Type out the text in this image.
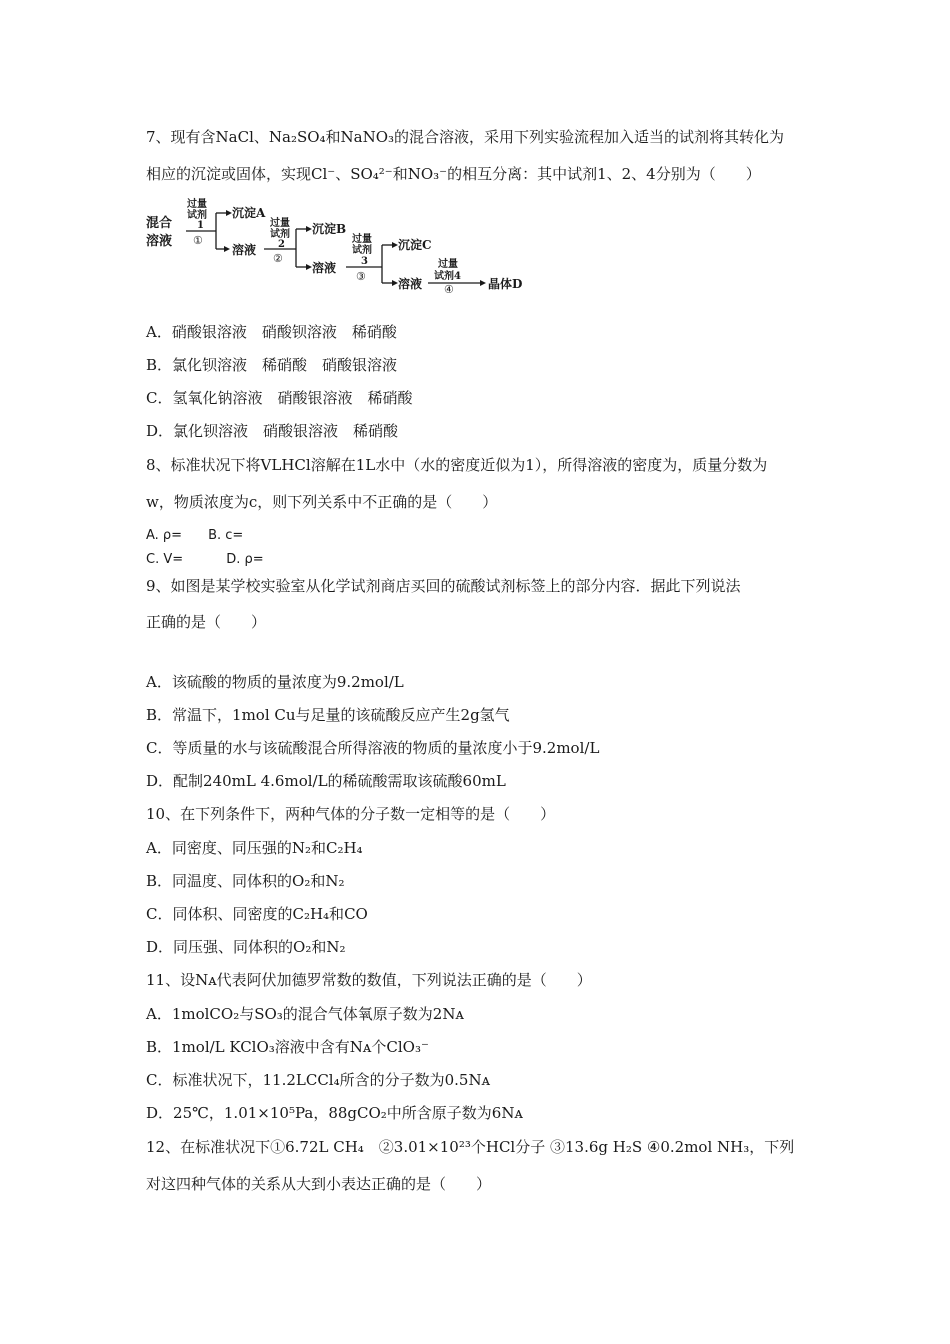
7、现有含NaCl、Na₂SO₄和NaNO₃的混合溶液，采用下列实验流程加入适当的试剂将其转化为
相应的沉淀或固体，实现Cl⁻、SO₄²⁻和NO₃⁻的相互分离：其中试剂1、2、4分别为（　　）
混合
溶液
过量
试剂
1
①
沉淀A
溶液
过量
试剂
2
②
沉淀B
溶液
过量
试剂
3
③
沉淀C
溶液
过量
试剂4
④	晶体D
A．硝酸银溶液　硝酸钡溶液　稀硝酸
B．氯化钡溶液　稀硝酸　硝酸银溶液
C．氢氧化钠溶液　硝酸银溶液　稀硝酸
D．氯化钡溶液　硝酸银溶液　稀硝酸
8、标准状况下将VLHCl溶解在1L水中（水的密度近似为1），所得溶液的密度为，质量分数为
w，物质浓度为c，则下列关系中不正确的是（　　）
A. ρ=　　B. c=
C. V=　　　 D. ρ=
9、如图是某学校实验室从化学试剂商店买回的硫酸试剂标签上的部分内容．据此下列说法
正确的是（　　）
A．该硫酸的物质的量浓度为9.2mol/L
B．常温下，1mol Cu与足量的该硫酸反应产生2g氢气
C．等质量的水与该硫酸混合所得溶液的物质的量浓度小于9.2mol/L
D．配制240mL 4.6mol/L的稀硫酸需取该硫酸60mL
10、在下列条件下，两种气体的分子数一定相等的是（　　）
A．同密度、同压强的N₂和C₂H₄
B．同温度、同体积的O₂和N₂
C．同体积、同密度的C₂H₄和CO
D．同压强、同体积的O₂和N₂
11、设Nᴀ代表阿伏加德罗常数的数值，下列说法正确的是（　　）
A．1molCO₂与SO₃的混合气体氧原子数为2Nᴀ
B．1mol/L KClO₃溶液中含有Nᴀ个ClO₃⁻
C．标准状况下，11.2LCCl₄所含的分子数为0.5Nᴀ
D．25℃，1.01×10⁵Pa，88gCO₂中所含原子数为6Nᴀ
12、在标准状况下①6.72L CH₄　②3.01×10²³个HCl分子 ③13.6g H₂S ④0.2mol NH₃，下列
对这四种气体的关系从大到小表达正确的是（　　）
